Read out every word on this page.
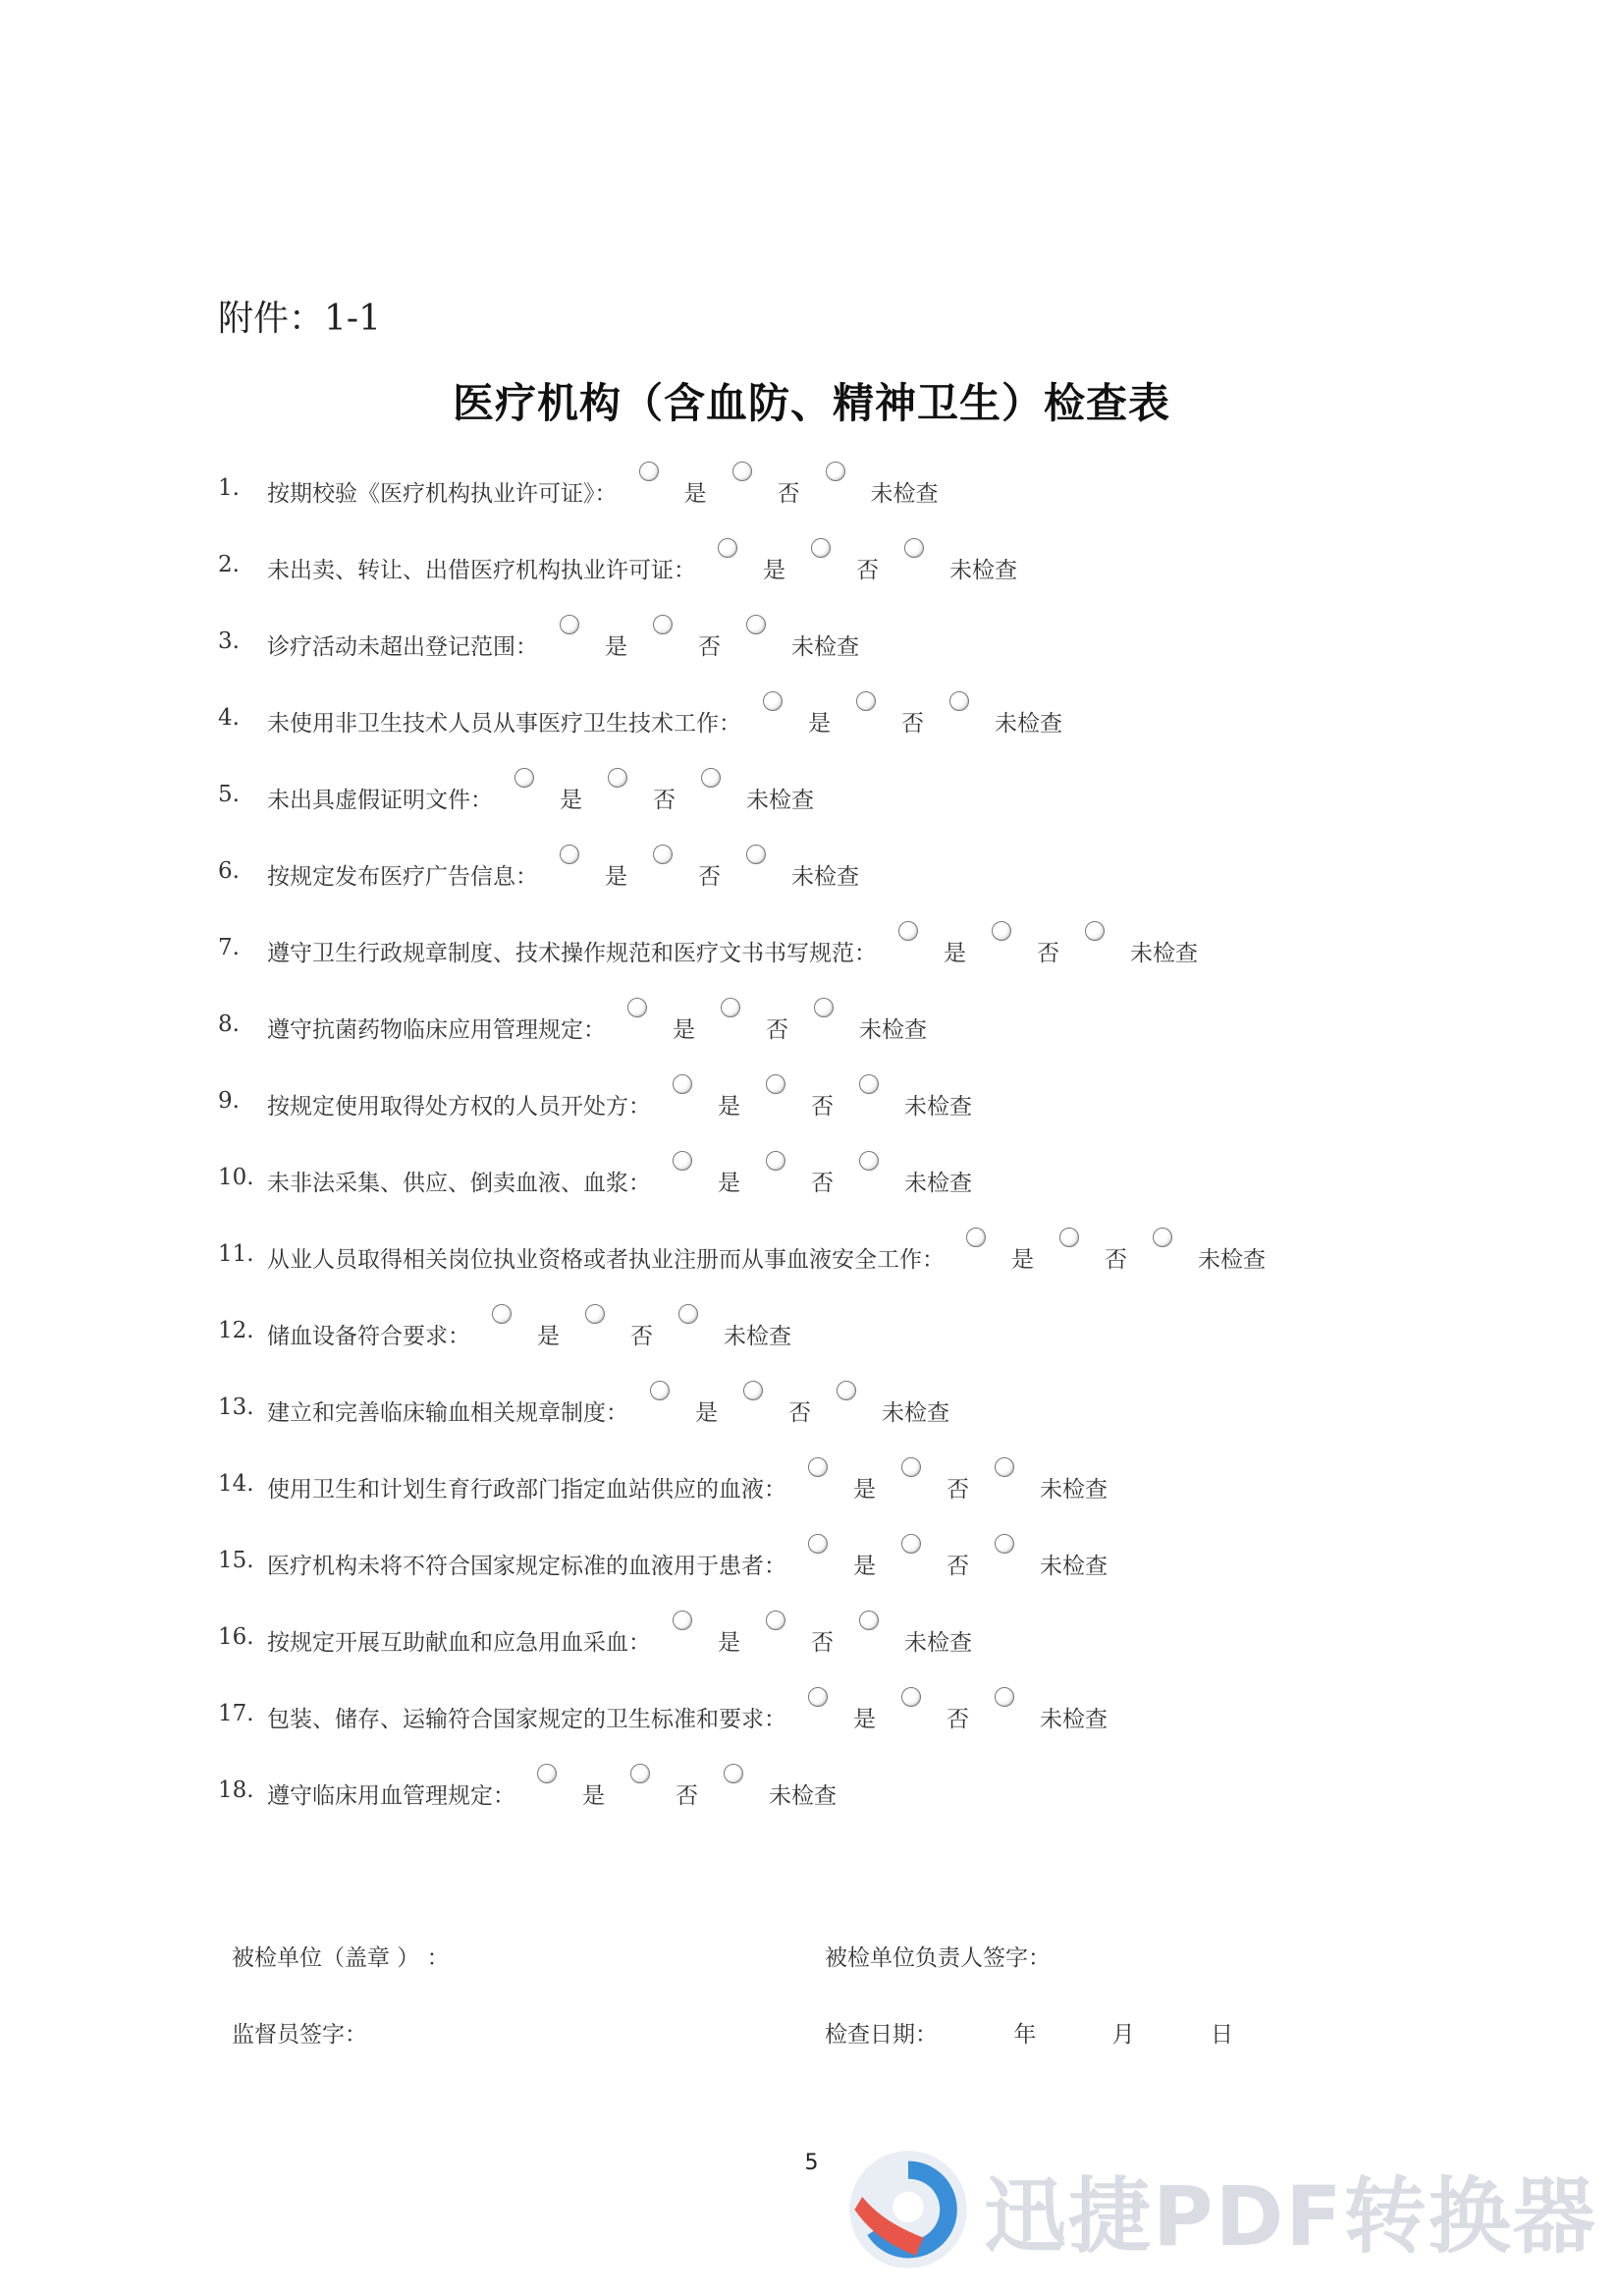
附件：1-1
医疗机构（含血防、精神卫生）检查表
1.	按期校验《医疗机构执业许可证》：	是	否	未检查
2.	未出卖、转让、出借医疗机构执业许可证：	是	否	未检查
3.	诊疗活动未超出登记范围：	是	否	未检查
4.	未使用非卫生技术人员从事医疗卫生技术工作：	是	否	未检查
5.	未出具虚假证明文件：	是	否	未检查
6.	按规定发布医疗广告信息：	是	否	未检查
7.	遵守卫生行政规章制度、技术操作规范和医疗文书书写规范：	是	否	未检查
8.	遵守抗菌药物临床应用管理规定：	是	否	未检查
9.	按规定使用取得处方权的人员开处方：	是	否	未检查
10. 未非法采集、供应、倒卖血液、血浆：	是	否	未检查
11. 从业人员取得相关岗位执业资格或者执业注册而从事血液安全工作：	是	否	未检查
12. 储血设备符合要求：	是	否	未检查
13. 建立和完善临床输血相关规章制度：	是	否	未检查
14. 使用卫生和计划生育行政部门指定血站供应的血液：	是	否	未检查
15. 医疗机构未将不符合国家规定标准的血液用于患者：	是	否	未检查
16. 按规定开展互助献血和应急用血采血：	是	否	未检查
17. 包装、储存、运输符合国家规定的卫生标准和要求：	是	否	未检查
18. 遵守临床用血管理规定：	是	否	未检查
被检单位（盖章 ） ：	被检单位负责人签字：
监督员签字：	检查日期：	年	月	日
5
迅捷PDF转换器
